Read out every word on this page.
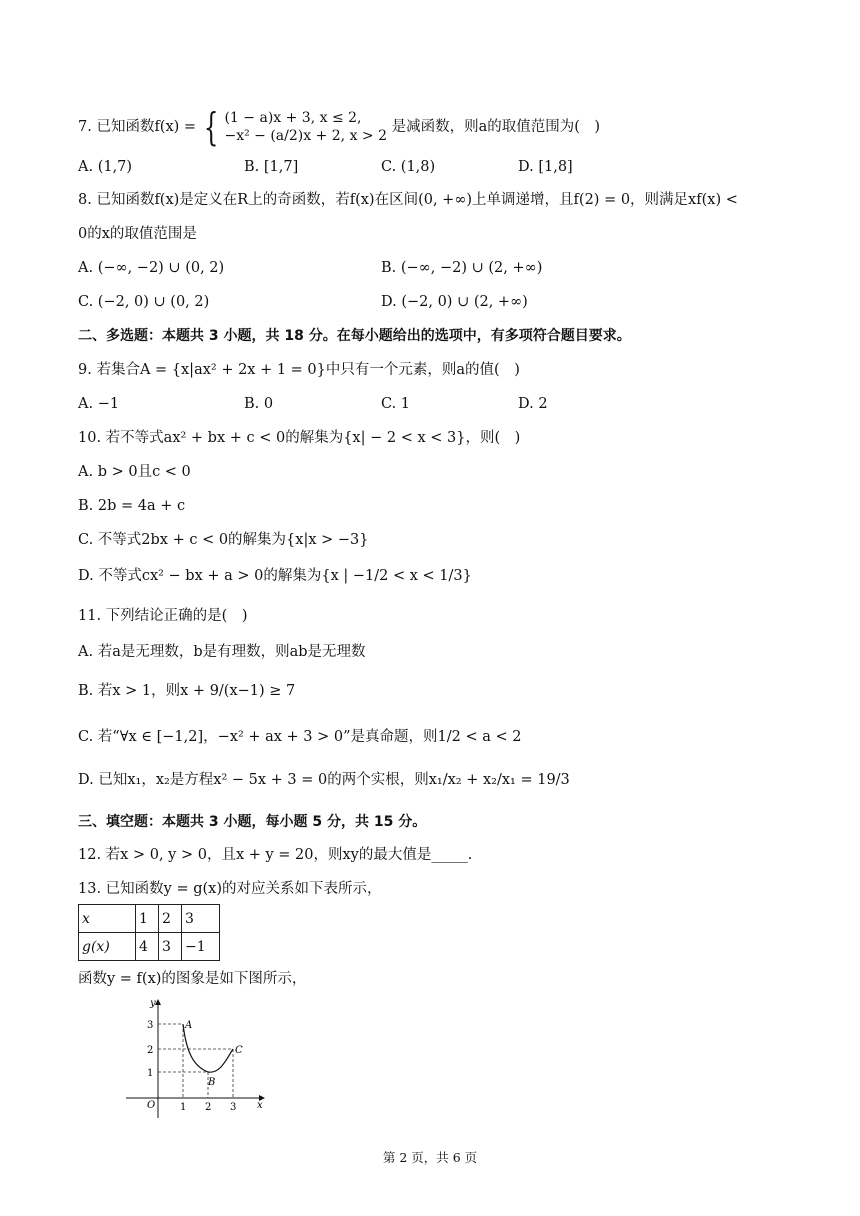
7. 已知函数f(x) = { (1 − a)x + 3, x ≤ 2,
−x² − (a/2)x + 2, x > 2 是减函数，则a的取值范围为(　)
A. (1,7)	B. [1,7]	C. (1,8)	D. [1,8]
8. 已知函数f(x)是定义在R上的奇函数，若f(x)在区间(0, +∞)上单调递增，且f(2) = 0，则满足xf(x) <
0的x的取值范围是
A. (−∞, −2) ∪ (0, 2)	B. (−∞, −2) ∪ (2, +∞)
C. (−2, 0) ∪ (0, 2)	D. (−2, 0) ∪ (2, +∞)
二、多选题：本题共 3 小题，共 18 分。在每小题给出的选项中，有多项符合题目要求。
9. 若集合A = {x|ax² + 2x + 1 = 0}中只有一个元素，则a的值(　)
A. −1	B. 0	C. 1	D. 2
10. 若不等式ax² + bx + c < 0的解集为{x| − 2 < x < 3}，则(　)
A. b > 0且c < 0
B. 2b = 4a + c
C. 不等式2bx + c < 0的解集为{x|x > −3}
D. 不等式cx² − bx + a > 0的解集为{x | −1/2 < x < 1/3}
11. 下列结论正确的是(　)
A. 若a是无理数，b是有理数，则ab是无理数
B. 若x > 1，则x + 9/(x−1) ≥ 7
C. 若“∀x ∈ [−1,2]，−x² + ax + 3 > 0”是真命题，则1/2 < a < 2
D. 已知x₁，x₂是方程x² − 5x + 3 = 0的两个实根，则x₁/x₂ + x₂/x₁ = 19/3
三、填空题：本题共 3 小题，每小题 5 分，共 15 分。
12. 若x > 0, y > 0，且x + y = 20，则xy的最大值是_____.
13. 已知函数y = g(x)的对应关系如下表所示，
x	1	2	3
g(x)	4	3	−1
函数y = f(x)的图象是如下图所示，
y
x
O
3
2
1
1 2 3
A
B
C
第 2 页，共 6 页
